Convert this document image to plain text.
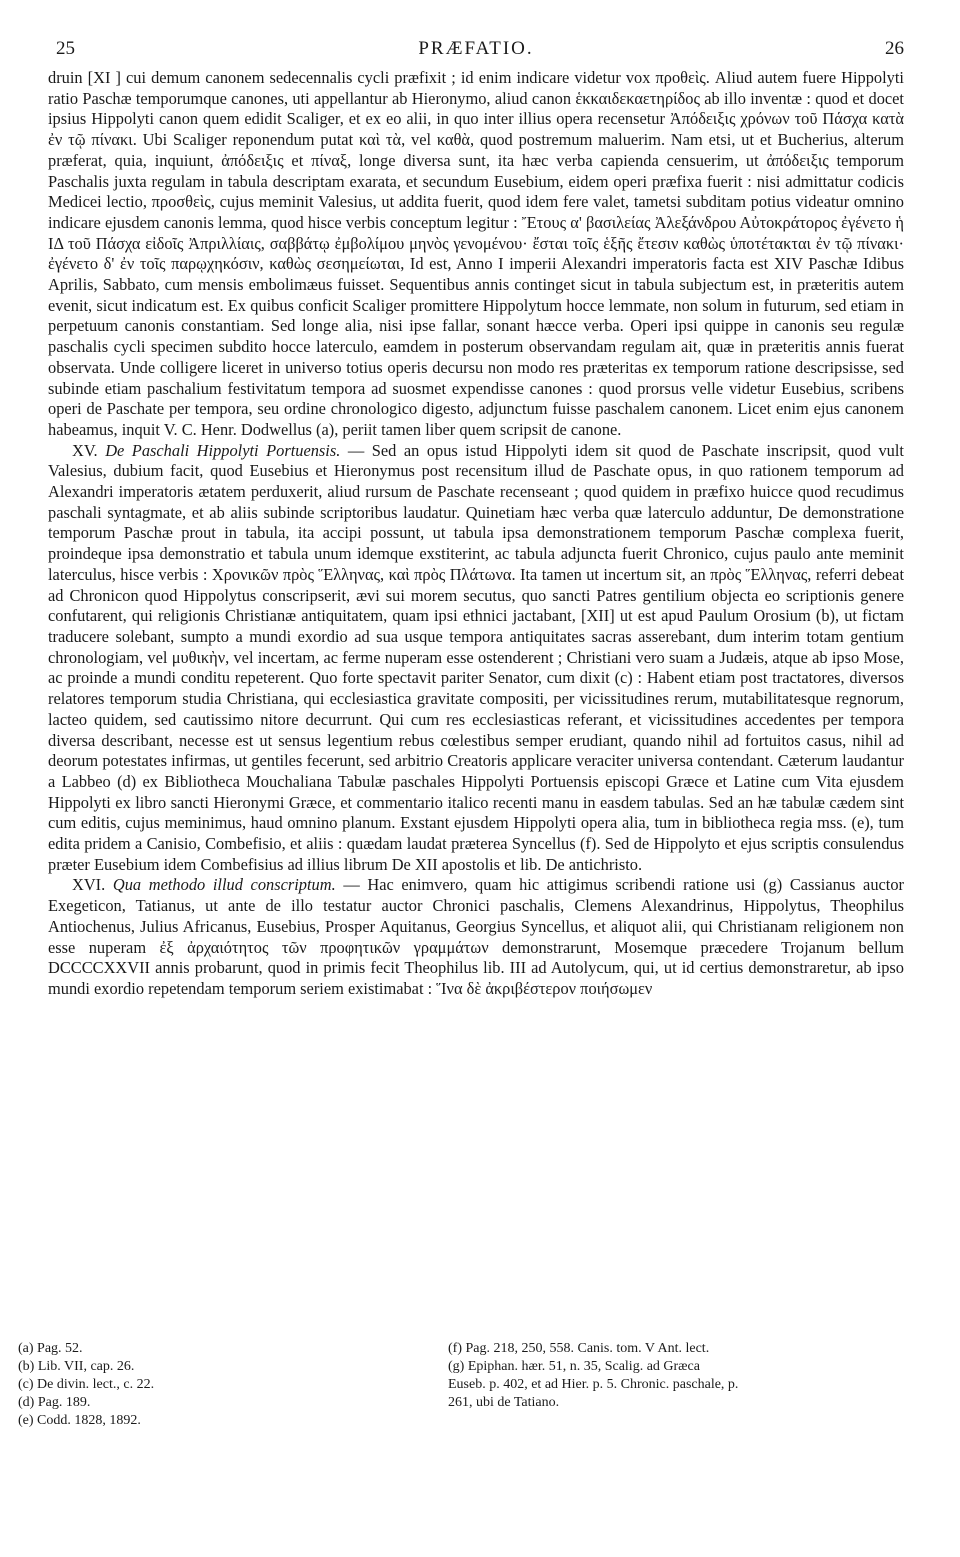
25	PRÆFATIO.	26

druin [XI ] cui demum canonem sedecennalis cycli præfixit ; id enim indicare videtur vox προθεὶς. Aliud autem fuere Hippolyti ratio Paschæ temporumque canones, uti appellantur ab Hieronymo, aliud canon ἑκκαιδεκαετηρίδος ab illo inventæ : quod et docet ipsius Hippolyti canon quem edidit Scaliger, et ex eo alii, in quo inter illius opera recensetur Ἀπόδειξις χρόνων τοῦ Πάσχα κατὰ ἐν τῷ πίνακι. Ubi Scaliger reponendum putat καὶ τὰ, vel καθὰ, quod postremum maluerim. Nam etsi, ut et Bucherius, alterum præferat, quia, inquiunt, ἀπόδειξις et πίναξ, longe diversa sunt, ita hæc verba capienda censuerim, ut ἀπόδειξις temporum Paschalis juxta regulam in tabula descriptam exarata, et secundum Eusebium, eidem operi præfixa fuerit : nisi admittatur codicis Medicei lectio, προσθεὶς, cujus meminit Valesius, ut addita fuerit, quod idem fere valet, tametsi subditam potius videatur omnino indicare ejusdem canonis lemma, quod hisce verbis conceptum legitur : Ἔτους α' βασιλείας Ἀλεξάνδρου Αὐτοκράτορος ἐγένετο ἡ ΙΔ τοῦ Πάσχα εἰδοῖς Ἀπριλλίαις, σαββάτῳ ἐμβολίμου μηνὸς γενομένου· ἔσται τοῖς ἑξῆς ἔτεσιν καθὼς ὑποτέτακται ἐν τῷ πίνακι· ἐγένετο δ' ἐν τοῖς παρῳχηκόσιν, καθὼς σεσημείωται, Id est, Anno I imperii Alexandri imperatoris facta est XIV Paschæ Idibus Aprilis, Sabbato, cum mensis embolimæus fuisset. Sequentibus annis continget sicut in tabula subjectum est, in præteritis autem evenit, sicut indicatum est. Ex quibus conficit Scaliger promittere Hippolytum hocce lemmate, non solum in futurum, sed etiam in perpetuum canonis constantiam. Sed longe alia, nisi ipse fallar, sonant hæcce verba. Operi ipsi quippe in canonis seu regulæ paschalis cycli specimen subdito hocce laterculo, eamdem in posterum observandam regulam ait, quæ in præteritis annis fuerat observata. Unde colligere liceret in universo totius operis decursu non modo res præteritas ex temporum ratione descripsisse, sed subinde etiam paschalium festivitatum tempora ad suosmet expendisse canones : quod prorsus velle videtur Eusebius, scribens operi de Paschate per tempora, seu ordine chronologico digesto, adjunctum fuisse paschalem canonem. Licet enim ejus canonem habeamus, inquit V. C. Henr. Dodwellus (a), periit tamen liber quem scripsit de canone.

XV. De Paschali Hippolyti Portuensis. — Sed an opus istud Hippolyti idem sit quod de Paschate inscripsit, quod vult Valesius, dubium facit, quod Eusebius et Hieronymus post recensitum illud de Paschate opus, in quo rationem temporum ad Alexandri imperatoris ætatem perduxerit, aliud rursum de Paschate recenseant ; quod quidem in præfixo huicce quod recudimus paschali syntagmate, et ab aliis subinde scriptoribus laudatur. Quinetiam hæc verba quæ laterculo adduntur, De demonstratione temporum Paschæ prout in tabula, ita accipi possunt, ut tabula ipsa demonstrationem temporum Paschæ complexa fuerit, proindeque ipsa demonstratio et tabula unum idemque exstiterint, ac tabula adjuncta fuerit Chronico, cujus paulo ante meminit laterculus, hisce verbis : Χρονικῶν πρὸς Ἕλληνας, καὶ πρὸς Πλάτωνα. Ita tamen ut incertum sit, an πρὸς Ἕλληνας, referri debeat ad Chronicon quod Hippolytus conscripserit, ævi sui morem secutus, quo sancti Patres gentilium objecta eo scriptionis genere confutarent, qui religionis Christianæ antiquitatem, quam ipsi ethnici jactabant, [XII] ut est apud Paulum Orosium (b), ut fictam traducere solebant, sumpto a mundi exordio ad sua usque tempora antiquitates sacras asserebant, dum interim totam gentium chronologiam, vel μυθικὴν, vel incertam, ac ferme nuperam esse ostenderent ; Christiani vero suam a Judæis, atque ab ipso Mose, ac proinde a mundi conditu repeterent. Quo forte spectavit pariter Senator, cum dixit (c) : Habent etiam post tractatores, diversos relatores temporum studia Christiana, qui ecclesiastica gravitate compositi, per vicissitudines rerum, mutabilitatesque regnorum, lacteo quidem, sed cautissimo nitore decurrunt. Qui cum res ecclesiasticas referant, et vicissitudines accedentes per tempora diversa describant, necesse est ut sensus legentium rebus cœlestibus semper erudiant, quando nihil ad fortuitos casus, nihil ad deorum potestates infirmas, ut gentiles fecerunt, sed arbitrio Creatoris applicare veraciter universa contendant. Cæterum laudantur a Labbeo (d) ex Bibliotheca Mouchaliana Tabulæ paschales Hippolyti Portuensis episcopi Græce et Latine cum Vita ejusdem Hippolyti ex libro sancti Hieronymi Græce, et commentario italico recenti manu in easdem tabulas. Sed an hæ tabulæ cædem sint cum editis, cujus meminimus, haud omnino planum. Exstant ejusdem Hippolyti opera alia, tum in bibliotheca regia mss. (e), tum edita pridem a Canisio, Combefisio, et aliis : quædam laudat præterea Syncellus (f). Sed de Hippolyto et ejus scriptis consulendus præter Eusebium idem Combefisius ad illius librum De XII apostolis et lib. De antichristo.

XVI. Qua methodo illud conscriptum. — Hac enimvero, quam hic attigimus scribendi ratione usi (g) Cassianus auctor Exegeticon, Tatianus, ut ante de illo testatur auctor Chronici paschalis, Clemens Alexandrinus, Hippolytus, Theophilus Antiochenus, Julius Africanus, Eusebius, Prosper Aquitanus, Georgius Syncellus, et aliquot alii, qui Christianam religionem non esse nuperam ἐξ ἀρχαιότητος τῶν προφητικῶν γραμμάτων demonstrarunt, Mosemque præcedere Trojanum bellum DCCCCXXVII annis probarunt, quod in primis fecit Theophilus lib. III ad Autolycum, qui, ut id certius demonstraretur, ab ipso mundi exordio repetendam temporum seriem existimabat : Ἵνα δὲ ἀκριβέστερον ποιήσωμεν

(a) Pag. 52.
(b) Lib. VII, cap. 26.
(c) De divin. lect., c. 22.
(d) Pag. 189.
(e) Codd. 1828, 1892.
(f) Pag. 218, 250, 558. Canis. tom. V Ant. lect.
(g) Epiphan. hær. 51, n. 35, Scalig. ad Græca
Euseb. p. 402, et ad Hier. p. 5. Chronic. paschale, p.
261, ubi de Tatiano.
